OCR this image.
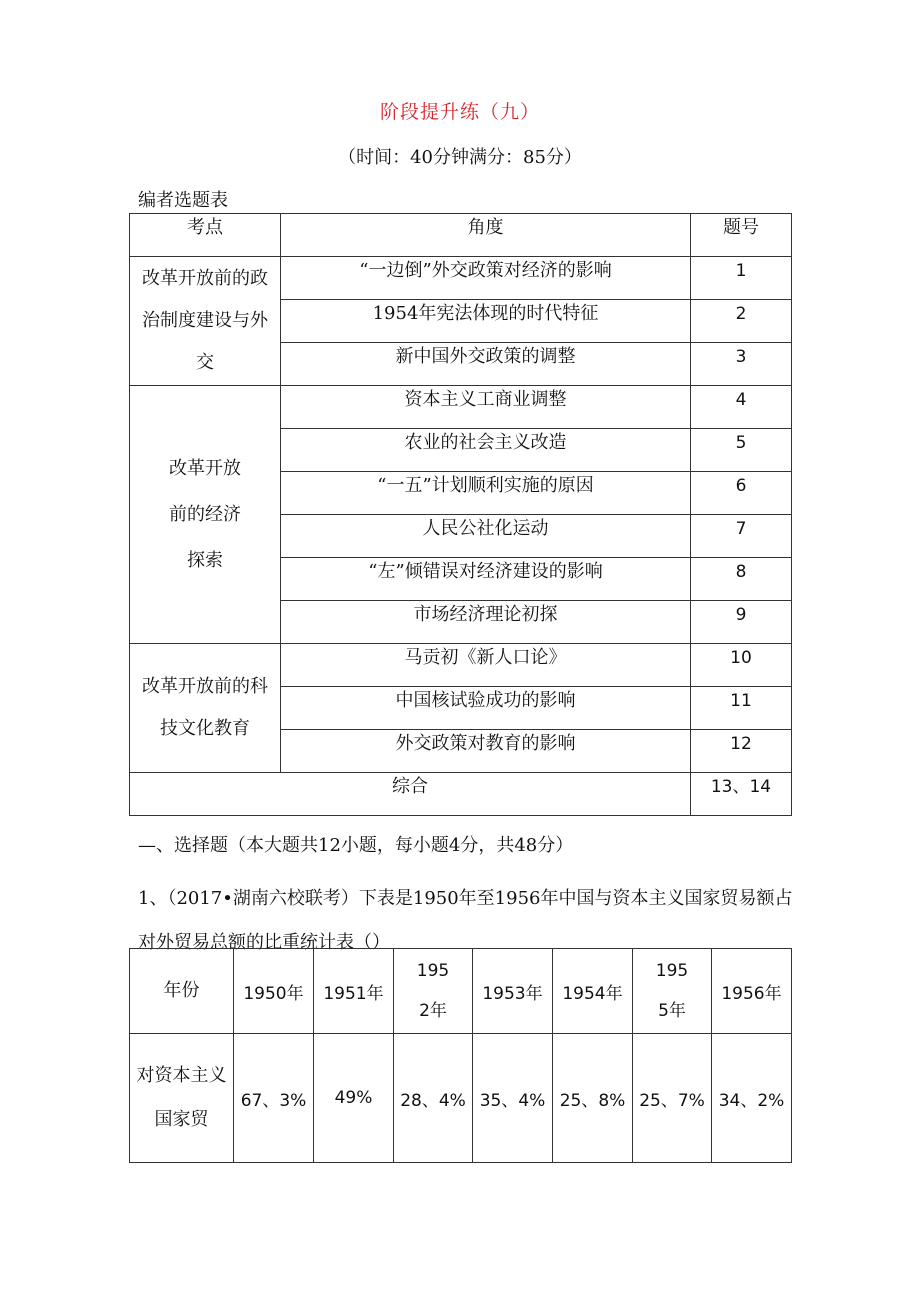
阶段提升练（九）
（时间：40分钟满分：85分）
编者选题表
考点	角度	题号

改革开放前的政治制度建设与外交	“一边倒”外交政策对经济的影响	1
	1954年宪法体现的时代特征	2
	新中国外交政策的调整	3

改革开放前的经济探索	资本主义工商业调整	4
	农业的社会主义改造	5
	“一五”计划顺利实施的原因	6
	人民公社化运动	7
	“左”倾错误对经济建设的影响	8
	市场经济理论初探	9

改革开放前的科技文化教育	马贡初《新人口论》	10
	中国核试验成功的影响	11
	外交政策对教育的影响	12
综合		13、14
—、选择题（本大题共12小题，每小题4分，共48分）
1、（2017•湖南六校联考）下表是1950年至1956年中国与资本主义国家贸易额占对外贸易总额的比重统计表（）
年份	1950年	1951年	1952年	1953年	1954年	1955年	1956年

对资本主义国家贸	67、3%	49%	28、4%	35、4%	25、8%	25、7%	34、2%
